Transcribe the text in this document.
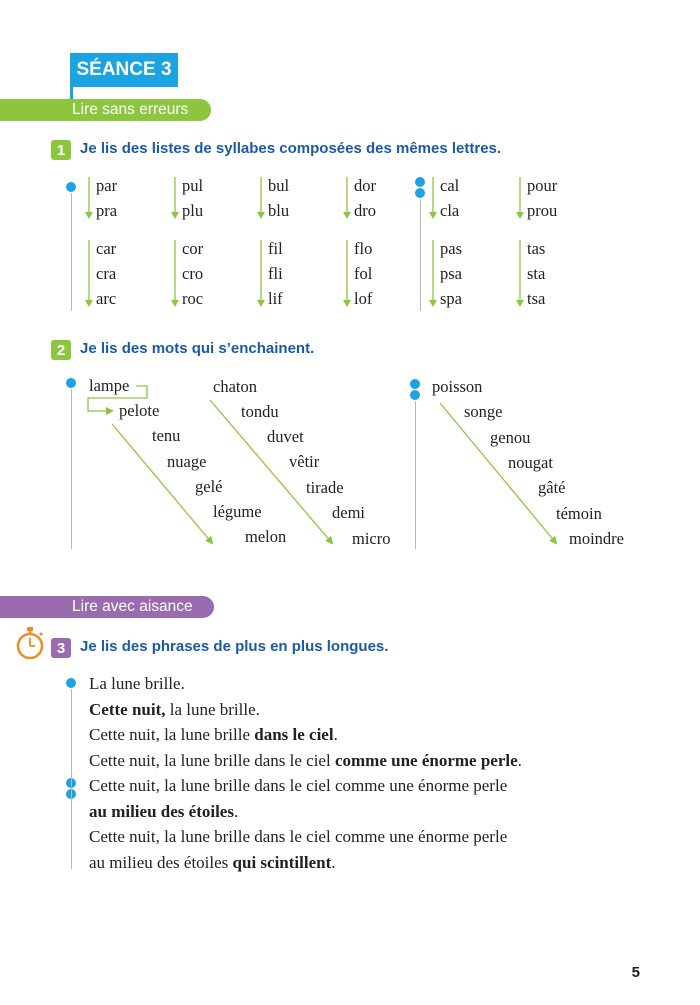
SÉANCE 3
Lire sans erreurs
1 Je lis des listes de syllabes composées des mêmes lettres.
par
pra
pul
plu
bul
blu
dor
dro
cal
cla
pour
prou
car
cra
arc
cor
cro
roc
fil
fli
lif
flo
fol
lof
pas
psa
spa
tas
sta
tsa
2 Je lis des mots qui s’enchainent.
lampe
pelote
tenu
nuage
gelé
légume
melon
chaton
tondu
duvet
vêtir
tirade
demi
micro
poisson
songe
genou
nougat
gâté
témoin
moindre
Lire avec aisance
3 Je lis des phrases de plus en plus longues.
La lune brille.
Cette nuit, la lune brille.
Cette nuit, la lune brille dans le ciel.
Cette nuit, la lune brille dans le ciel comme une énorme perle.
Cette nuit, la lune brille dans le ciel comme une énorme perle
au milieu des étoiles.
Cette nuit, la lune brille dans le ciel comme une énorme perle
au milieu des étoiles qui scintillent.
5
